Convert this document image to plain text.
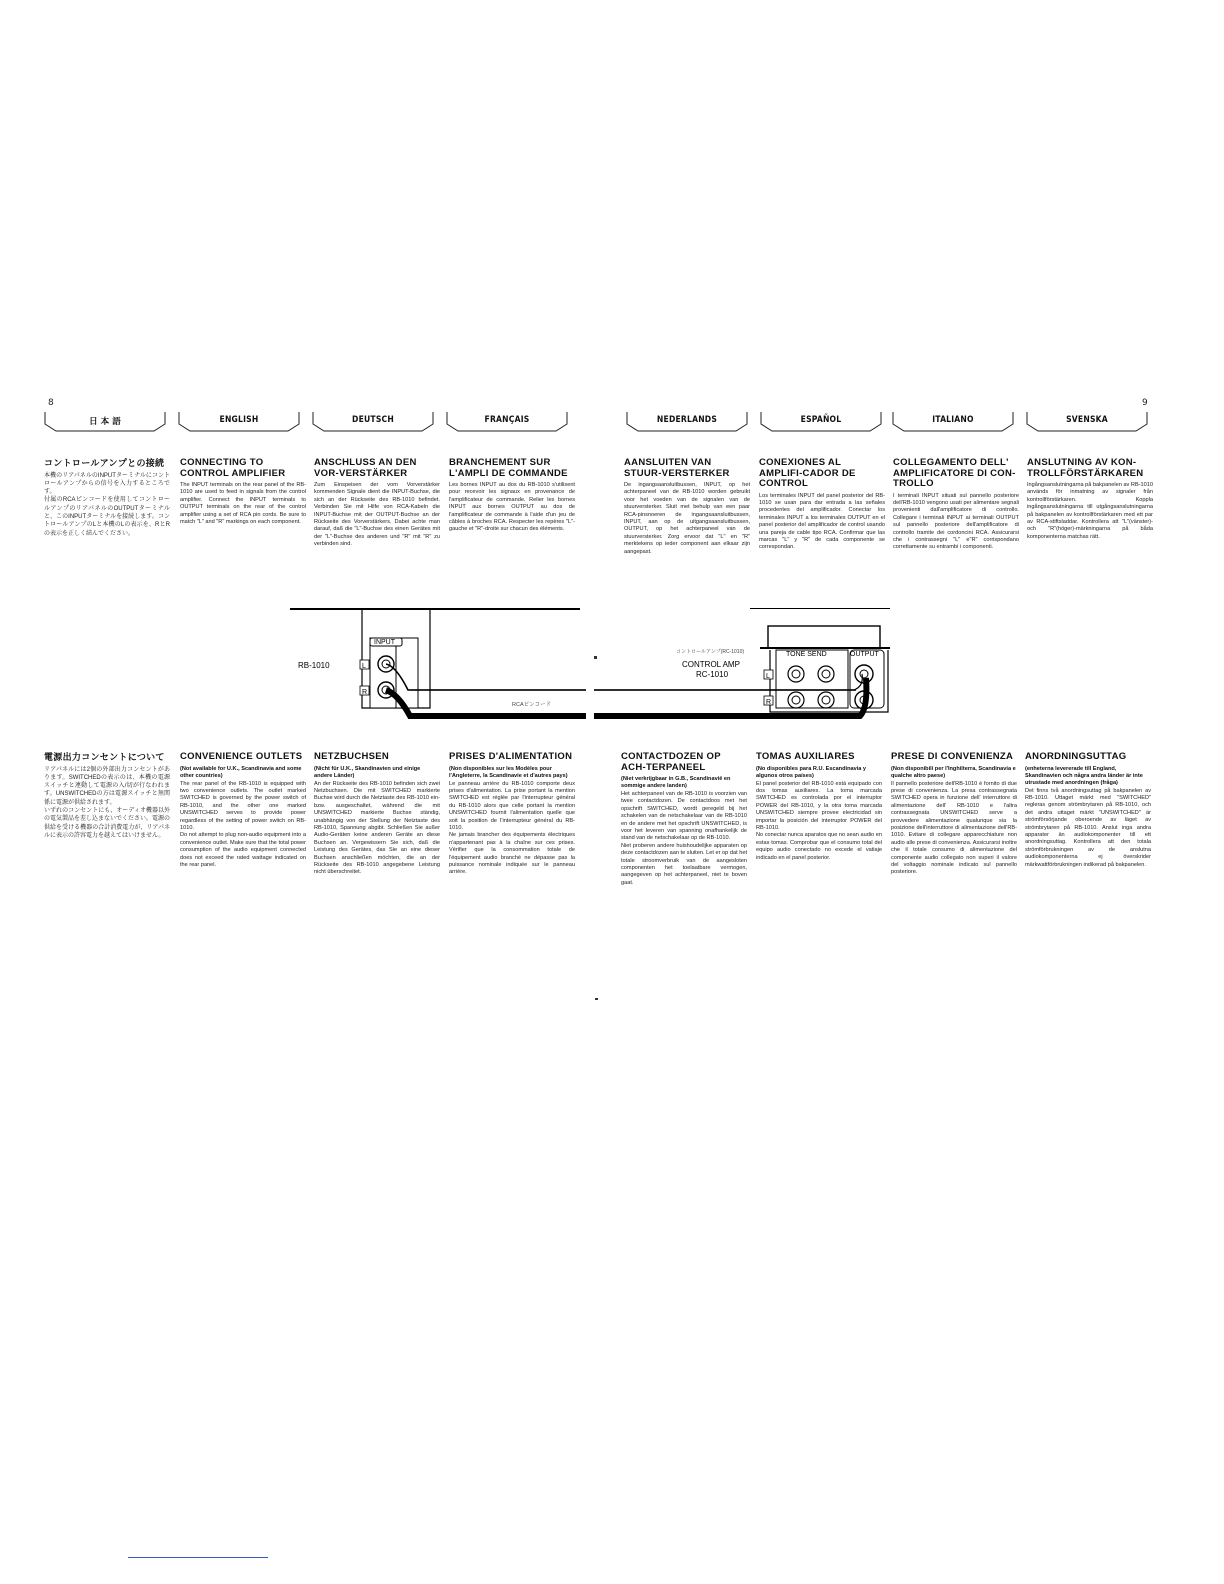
8	9
日 本 語	ENGLISH	DEUTSCH	FRANÇAIS	NEDERLANDS	ESPAÑOL	ITALIANO	SVENSKA
コントロールアンプとの接続
本機のリアパネルのINPUTターミナルにコントロールアンプからの信号を入力するところです。
付属のRCAピンコードを使用してコントロールアンプのリアパネルのOUTPUTターミナルと、このINPUTターミナルを接続します。コントロールアンプのLと本機のLの表示を、RとRの表示を正しく結んでください。
CONNECTING TO CONTROL AMPLIFIER
The INPUT terminals on the rear panel of the RB-1010 are used to feed in signals from the control amplifier. Connect the INPUT terminals to OUTPUT terminals on the rear of the control amplifier using a set of RCA pin cords. Be sure to match "L" and "R" markings on each component.
ANSCHLUSS AN DEN VOR-VERSTÄRKER
Zum Einspeisen der vom Vorverstärker kommenden Signale dient die INPUT-Buchse, die sich an der Rückseite des RB-1010 befindet. Verbinden Sie mit Hilfe von RCA-Kabeln die INPUT-Buchse mit der OUTPUT-Buchse an der Rückseite des Vorverstärkers. Dabei achte man darauf, daß die "L"-Buchse des einen Gerätes mit der "L"-Buchse des anderen und "R" mit "R" zu verbinden sind.
BRANCHEMENT SUR L'AMPLI DE COMMANDE
Les bornes INPUT au dos du RB-1010 s'utilisent pour recevoir les signaux en provenance de l'amplificateur de commande. Relier les bornes INPUT aux bornes OUTPUT au dos de l'amplificateur de commande à l'aide d'un jeu de câbles à broches RCA. Respecter les repères "L"-gauche et "R"-droite sur chacun des éléments.
AANSLUITEN VAN STUUR-VERSTERKER
De ingangsaansluitbussen, INPUT, op het achterpaneel van de RB-1010 worden gebruikt voor het voeden van de signalen van de stuurversterker. Sluit met behulp van een paar RCA-pinsnoeren de ingangsaansluitbussen, INPUT, aan op de uitgangsaansluitbussen, OUTPUT, op het achterpaneel van de stuurversterker. Zorg ervoor dat "L" en "R" merktekens op ieder component aan elkaar zijn aangepast.
CONEXIONES AL AMPLIFI-CADOR DE CONTROL
Los terminales INPUT del panel posterior del RB-1010 se usan para dar entrada a las señales procedentes del amplificador. Conectar los terminales INPUT a los terminales OUTPUT en el panel posterior del amplificador de control usando una pareja de cable tipo RCA. Confirmar que las marcas "L" y "R" de cada componente se correspondan.
COLLEGAMENTO DELL' AMPLIFICATORE DI CON-TROLLO
I terminali INPUT situati sul pannello posteriore dell'RB-1010 vengono usati per alimentare segnali provenienti dall'amplificatore di controllo. Collegare i terminali INPUT ai terminali OUTPUT sul pannello posteriore dell'amplificatore di controllo tramite dei cordoncini RCA. Assicurarsi che i contrassegni "L" e"R" corrispondano correttamente su entrambi i componenti.
ANSLUTNING AV KON-TROLLFÖRSTÄRKAREN
Ingångsanslutningarna på bakpanelen av RB-1010 används för inmatning av signaler från kontrollförstärkaren. Koppla ingångsanslutningarna till utgångsanslutningarna på bakpanelen av kontrollförstärkaren med ett par av RCA-stiftsladdar. Kontrollera att "L"(vänster)- och "R"(höger)-märkningarna på båda komponenterna matchas rätt.
RB-1010
INPUT
L
R
コントロールアンプ(RC-1010)
CONTROL AMP
RC-1010
TONE SEND	OUTPUT
L
R
RCAピンコード
RICA PIN CORD
電源出力コンセントについて
リアパネルには2個の外部出力コンセントがあります。SWITCHEDの表示のは、本機の電源スイッチと連動して電源の入/切が行なわれます。UNSWITCHEDの方は電源スイッチと無関係に電源が供給されます。
いずれのコンセントにも、オーディオ機器以外の電気製品を差し込まないでください。電源の供給を受ける機器の合計消費電力が、リアパネルに表示の許容電力を越えてはいけません。
CONVENIENCE OUTLETS
(Not available for U.K., Scandinavia and some other countries)
The rear panel of the RB-1010 is equipped with two convenience outlets. The outlet marked SWITCHED is governed by the power switch of RB-1010, and the other one marked UNSWITCHED serves to provide power regardless of the setting of power switch on RB-1010.
Do not attempt to plug non-audio equipment into a convenience outlet. Make sure that the total power consumption of the audio equipment connected does not exceed the rated wattage indicated on the rear panel.
NETZBUCHSEN
(Nicht für U.K., Skandinavien und einige andere Länder)
An der Rückseite des RB-1010 befinden sich zwei Netzbuchsen. Die mit SWITCHED markierte Buchse wird durch die Netztaste des RB-1010 ein- bzw. ausgeschaltet, während die mit UNSWITCHED markierte Buchse ständig, unabhängig von der Stellung der Netztaste des RB-1010, Spannung abgibt. Schließen Sie außer Audio-Geräten keine anderen Geräte an diese Buchsen an. Vergewissern Sie sich, daß die Leistung des Gerätes, das Sie an eine dieser Buchsen anschließen möchten, die an der Rückseite des RB-1010 angegebene Leistung nicht überschreitet.
PRISES D'ALIMENTATION
(Non disponibles sur les Modèles pour l'Angleterre, la Scandinavie et d'autres pays)
Le panneau arrière du RB-1010 comporte deux prises d'alimentation. La prise portant la mention SWITCHED est réglée par l'interrupteur général du RB-1010 alors que celle portant la mention UNSWITCHED fournit l'alimentation quelle que soit la position de l'interrupteur général du RB-1010.
Ne jamais brancher des équipements électriques n'appartenant pas à la chaîne sur ces prises. Vérifier que la consommation totale de l'équipement audio branché ne dépasse pas la puissance nominale indiquée sur le panneau arrière.
CONTACTDOZEN OP ACH-TERPANEEL
(Niet verkrijgbaar in G.B., Scandinavië en sommige andere landen)
Het achterpaneel van de RB-1010 is voorzien van twee contactdozen. De contactdoos met het opschrift SWITCHED, wordt geregeld bij het schakelen van de netschakelaar van de RB-1010 en de andere met het opschrift UNSWITCHED, is voor het leveren van spanning onafhankelijk de stand van de netschakelaar op de RB-1010.
Niet proberen andere huishoudelijke apparaten op deze contactdozen aan te sluiten. Let er op dat het totale stroomverbruik van de aangesloten componenten het toelaatbare vermogen, aangegeven op het achterpaneel, niet te boven gaat.
TOMAS AUXILIARES
(No disponibles para R.U. Escandinavia y algunos otros países)
El panel posterior del RB-1010 está equipado con dos tomas auxiliares. La toma marcada SWITCHED es controlada por el interruptor POWER del RB-1010, y la otra toma marcada UNSWITCHED siempre provee electricidad sin importar la posición del interruptor POWER del RB-1010.
No conectar nunca aparatos que no sean audio en estas tomas. Comprobar que el consumo total del equipo audio conectado no excede el vatiaje indicado en el panel posterior.
PRESE DI CONVENIENZA
(Non disponibili per l'Inghilterra, Scandinavia e qualche altro paese)
Il pannello posteriore dell'RB-1010 è fornito di due prese di convenienza. La presa contrassegnata SWITCHED opera in funzione dell' interruttore di alimentazione dell' RB-1010 e l'altra contrassegnata UNSWITCHED serve a provvedere alimentazione qualunque sia la posizione dell'interruttore di alimentazione dell'RB-1010. Evitare di collegare apparecchiature non audio alle prese di convenienza. Assicurarsi inoltre che il totale consumo di alimentazione del componente audio collegato non superi il valore del voltaggio nominale indicato sul pannello posteriore.
ANORDNINGSUTTAG
(enheterna levererade till England, Skandinavien och några andra länder är inte utrustade med anordningen (fråga)
Det finns två anordningsuttag på bakpanelen av RB-1010. Uttaget märkt med "SWITCHED" regleras genom strömbrytaren på RB-1010, och det andra uttaget märkt "UNSWITCHED" är strömförsörjande oberoende av läget av strömbrytaren på RB-1010. Anslut inga andra apparater än audiokomponenter till ett anordningsuttag. Kontrollera att den totala strömförbrukningen av de anslutna audiokomponenterna ej överskrider märkwattförbrukningen indikerad på bakpanelen.
